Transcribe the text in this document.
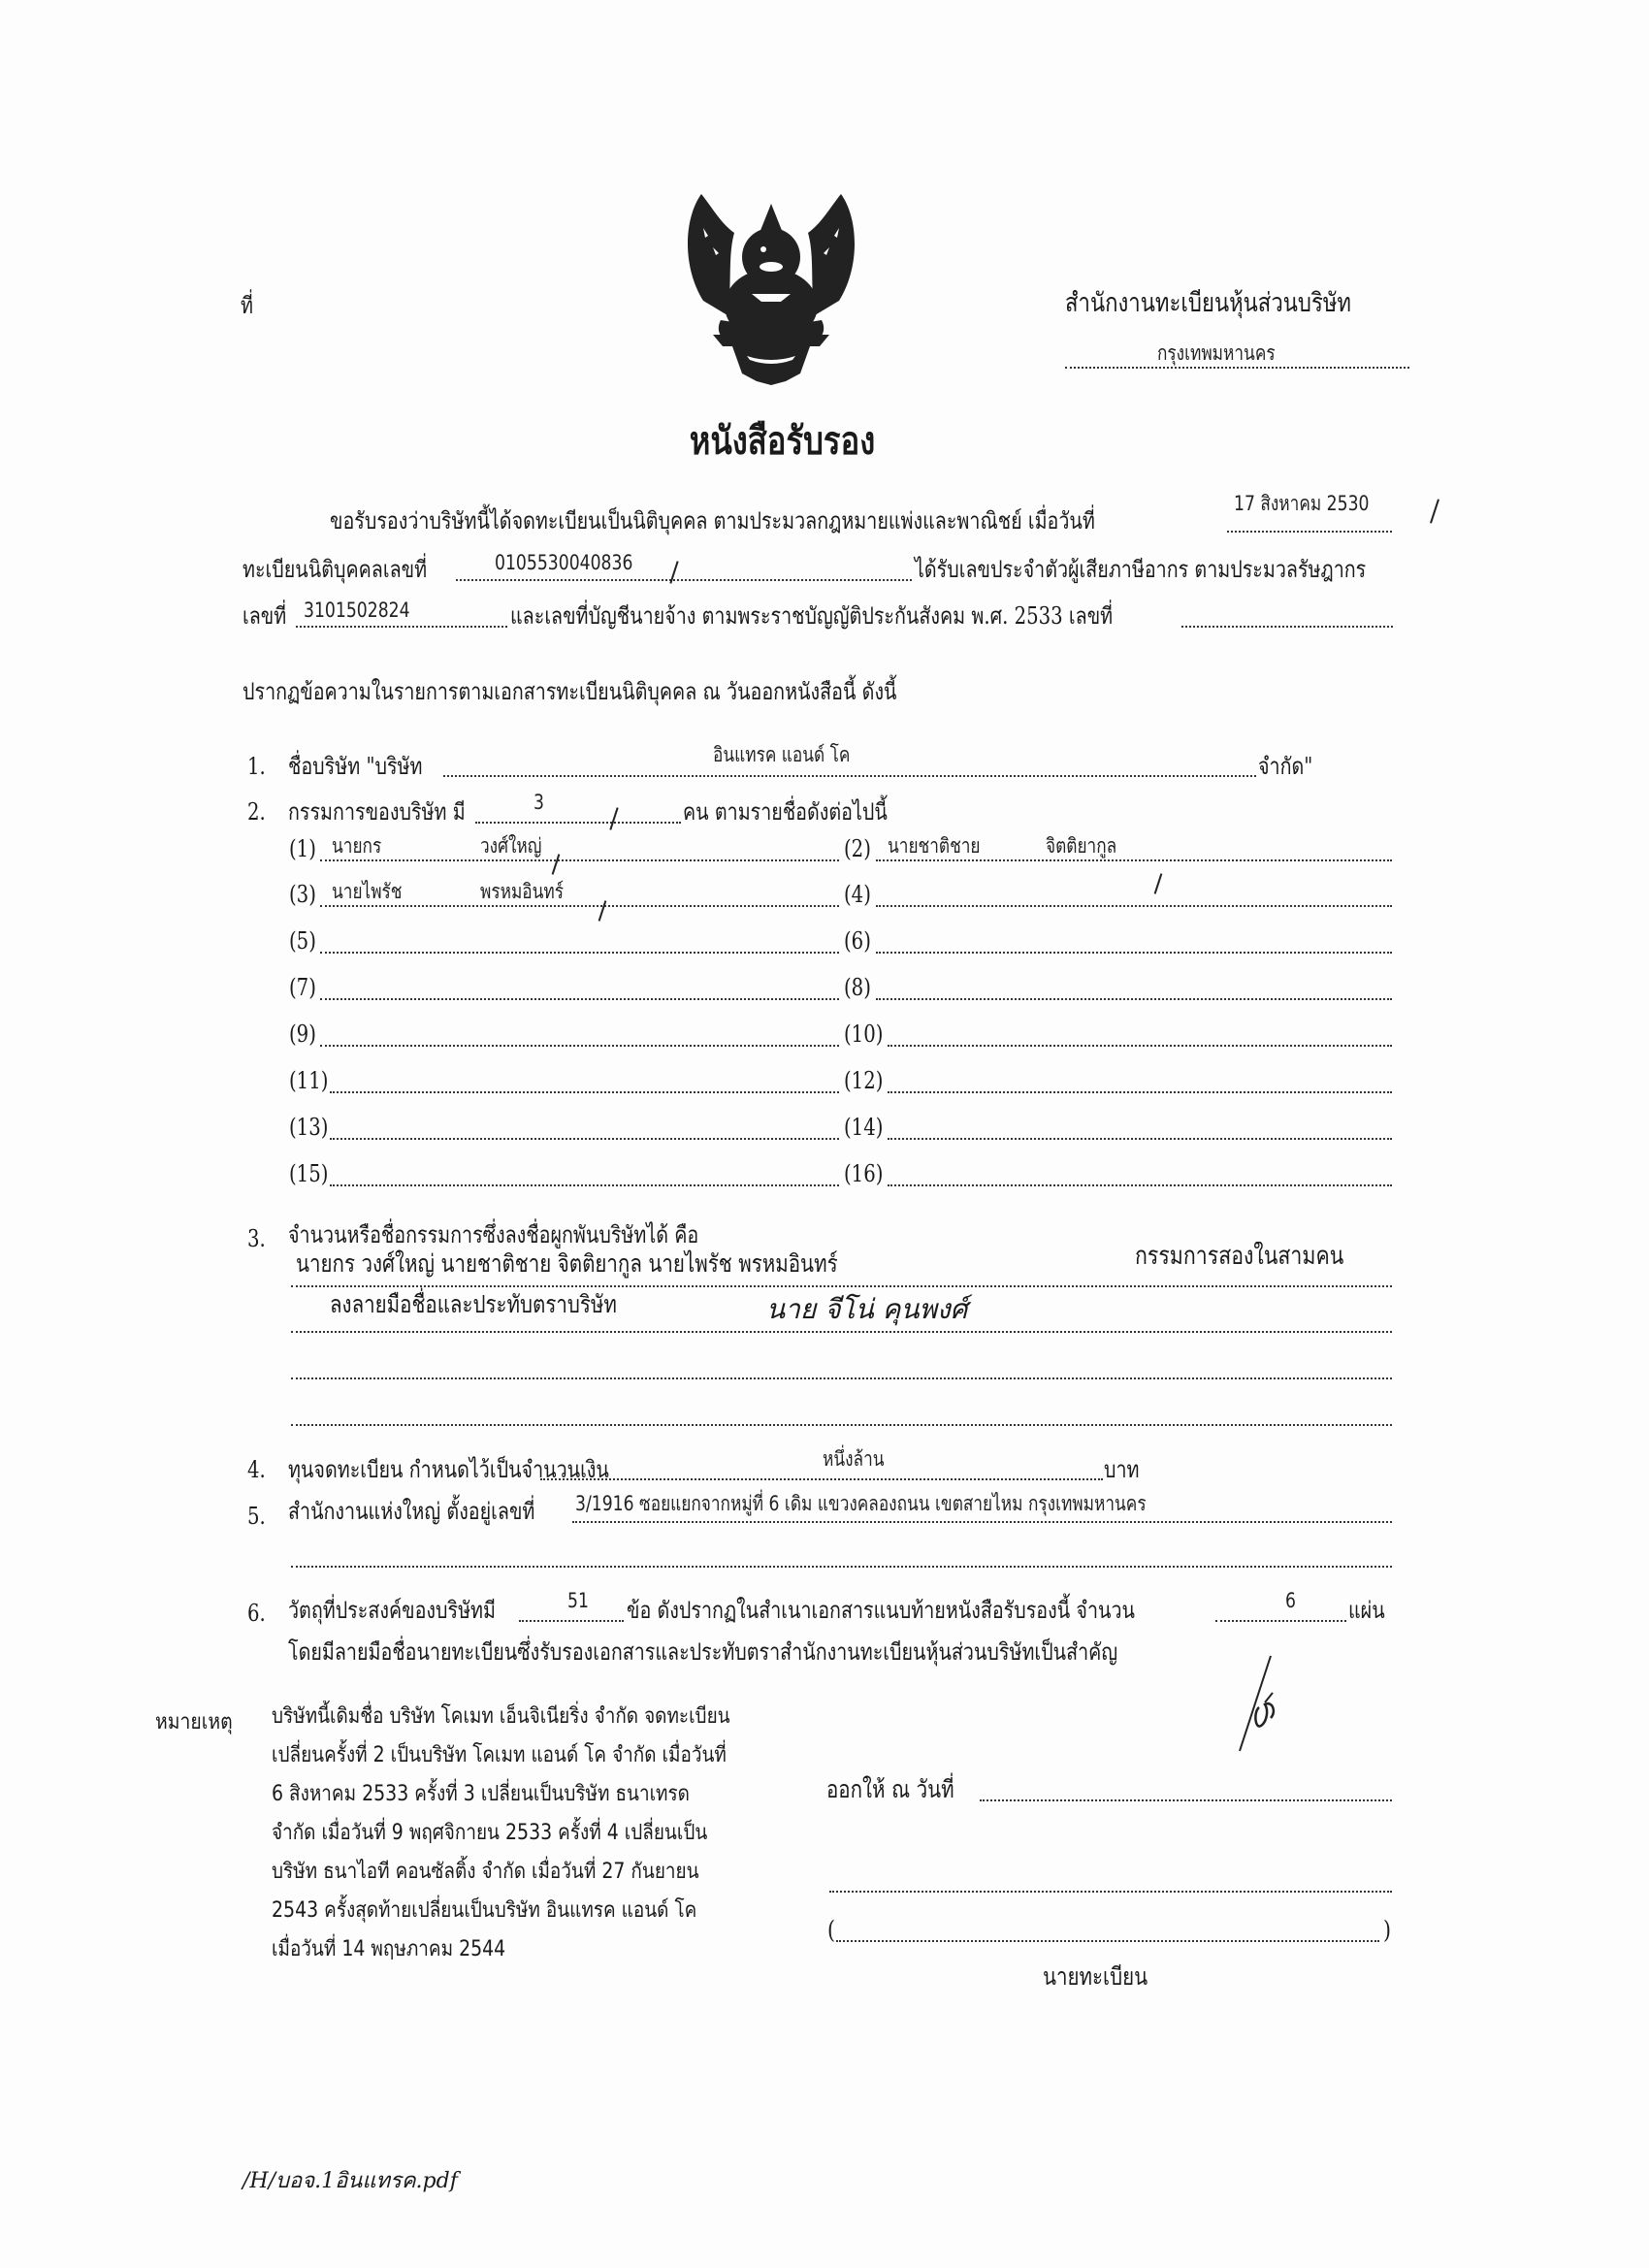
ที่	สำนักงานทะเบียนหุ้นส่วนบริษัท
กรุงเทพมหานคร
หนังสือรับรอง
ขอรับรองว่าบริษัทนี้ได้จดทะเบียนเป็นนิติบุคคล ตามประมวลกฎหมายแพ่งและพาณิชย์ เมื่อวันที่
17 สิงหาคม 2530
ทะเบียนนิติบุคคลเลขที่	0105530040836	ได้รับเลขประจำตัวผู้เสียภาษีอากร ตามประมวลรัษฎากร
เลขที่ 3101502824	และเลขที่บัญชีนายจ้าง ตามพระราชบัญญัติประกันสังคม พ.ศ. 2533 เลขที่
ปรากฏข้อความในรายการตามเอกสารทะเบียนนิติบุคคล ณ วันออกหนังสือนี้ ดังนี้
1. ชื่อบริษัท "บริษัท	อินแทรค แอนด์ โค	จำกัด"
2. กรรมการของบริษัท มี	3	คน ตามรายชื่อดังต่อไปนี้
3. จำนวนหรือชื่อกรรมการซึ่งลงชื่อผูกพันบริษัทได้ คือ
นายกร วงศ์ใหญ่ นายชาติชาย จิตติยากูล นายไพรัช พรหมอินทร์	กรรมการสองในสามคน
ลงลายมือชื่อและประทับตราบริษัท	นาย จีโน่ คุนพงศ์
4. ทุนจดทะเบียน กำหนดไว้เป็นจำนวนเงิน	หนึ่งล้าน	บาท
5. สำนักงานแห่งใหญ่ ตั้งอยู่เลขที่ 3/1916 ซอยแยกจากหมู่ที่ 6 เดิม แขวงคลองถนน เขตสายไหม กรุงเทพมหานคร
6. วัตถุที่ประสงค์ของบริษัทมี	51 ข้อ ดังปรากฏในสำเนาเอกสารแนบท้ายหนังสือรับรองนี้ จำนวน	6 แผ่น
โดยมีลายมือชื่อนายทะเบียนซึ่งรับรองเอกสารและประทับตราสำนักงานทะเบียนหุ้นส่วนบริษัทเป็นสำคัญ
หมายเหตุ บริษัทนี้เดิมชื่อ บริษัท โคเมท เอ็นจิเนียริ่ง จำกัด จดทะเบียน
เปลี่ยนครั้งที่ 2 เป็นบริษัท โคเมท แอนด์ โค จำกัด เมื่อวันที่
6 สิงหาคม 2533 ครั้งที่ 3 เปลี่ยนเป็นบริษัท ธนาเทรด
จำกัด เมื่อวันที่ 9 พฤศจิกายน 2533 ครั้งที่ 4 เปลี่ยนเป็น
บริษัท ธนาไอที คอนซัลติ้ง จำกัด เมื่อวันที่ 27 กันยายน
2543 ครั้งสุดท้ายเปลี่ยนเป็นบริษัท อินแทรค แอนด์ โค
เมื่อวันที่ 14 พฤษภาคม 2544
ออกให้ ณ วันที่
(	)
นายทะเบียน
/H/บอจ.1อินแทรค.pdf
(1) นายกร	วงศ์ใหญ่	(2) นายชาติชาย	จิตติยากูล
(3) นายไพรัช	พรหมอินทร์	(4)
(5)	(6)
(7)	(8)
(9)	(10)
(11)	(12)
(13)	(14)
(15)	(16)
